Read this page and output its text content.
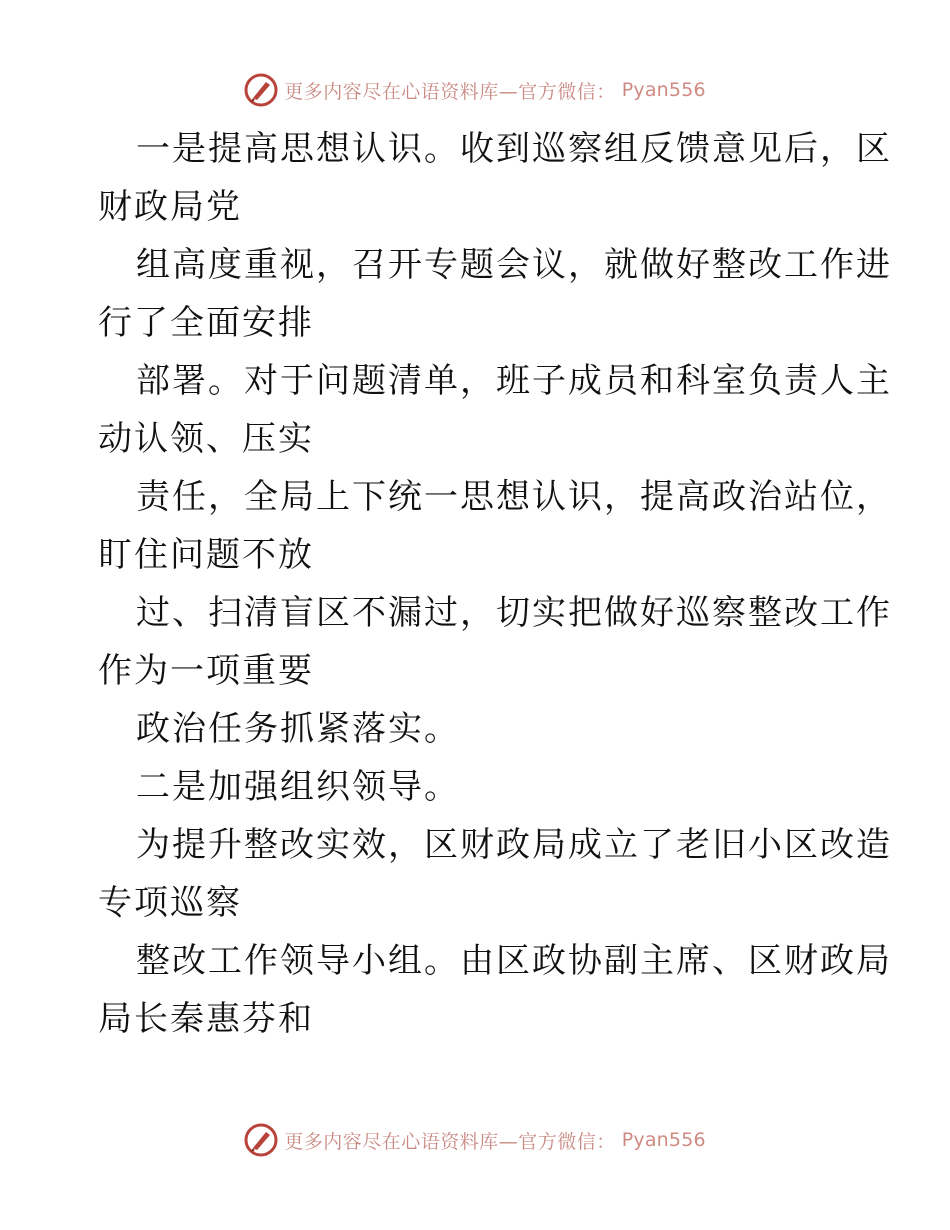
更多内容尽在心语资料库—官方微信： Pyan556
一是提高思想认识。收到巡察组反馈意见后，区
财政局党
组高度重视，召开专题会议，就做好整改工作进
行了全面安排
部署。对于问题清单，班子成员和科室负责人主
动认领、压实
责任，全局上下统一思想认识，提高政治站位，
盯住问题不放
过、扫清盲区不漏过，切实把做好巡察整改工作
作为一项重要
政治任务抓紧落实。
二是加强组织领导。
为提升整改实效，区财政局成立了老旧小区改造
专项巡察
整改工作领导小组。由区政协副主席、区财政局
局长秦惠芬和
更多内容尽在心语资料库—官方微信： Pyan556
